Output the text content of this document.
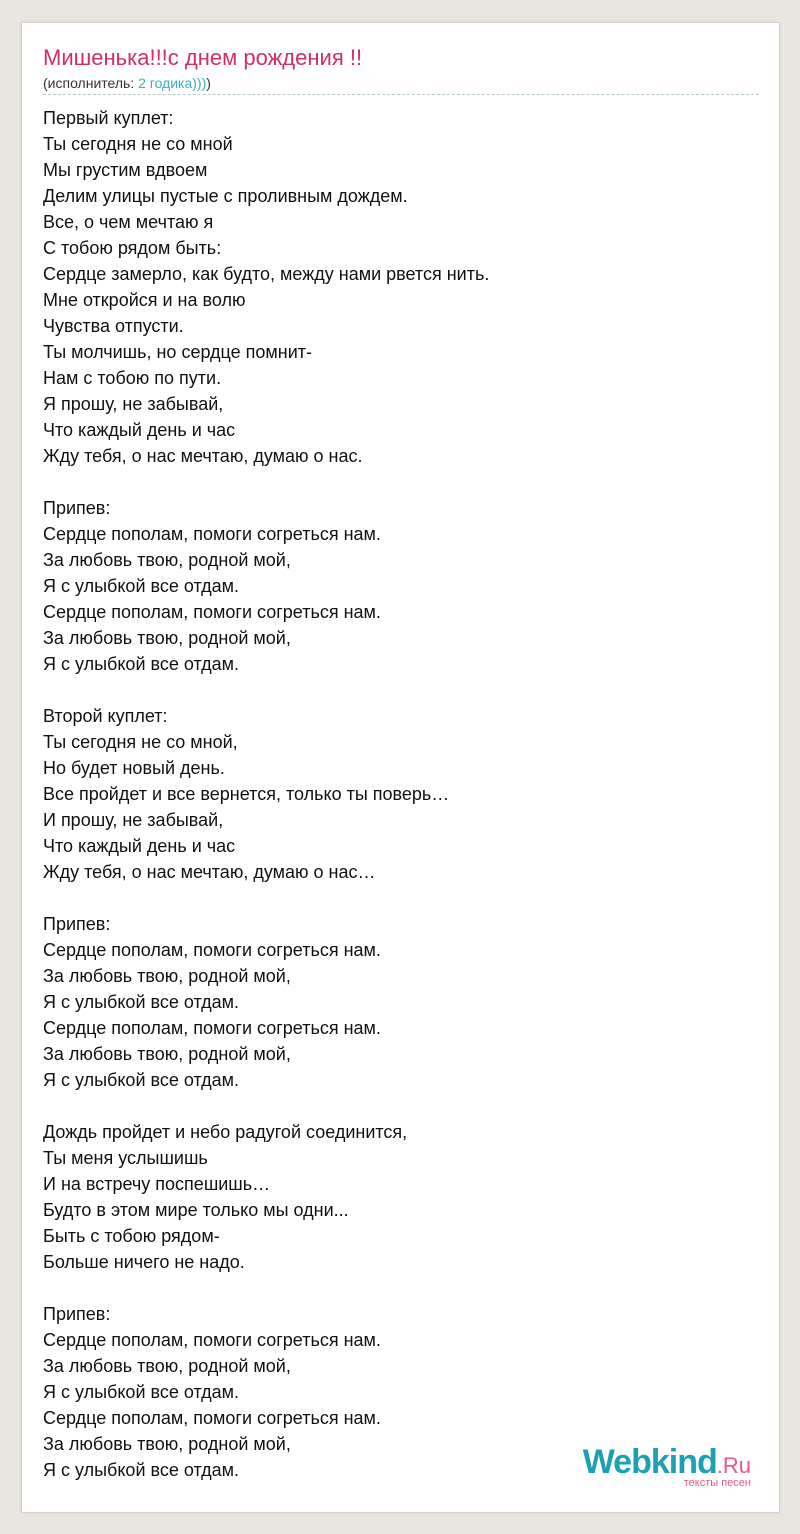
Мишенька!!!с днем рождения !!
(исполнитель: 2 годика))))
Первый куплет:
Ты сегодня не со мной
Мы грустим вдвоем
Делим улицы пустые с проливным дождем.
Все, о чем мечтаю я
С тобою рядом быть:
Сердце замерло, как будто, между нами рвется нить.
Мне откройся и на волю
Чувства отпусти.
Ты молчишь, но сердце помнит-
Нам с тобою по пути.
Я прошу, не забывай,
Что каждый день и час
Жду тебя, о нас мечтаю, думаю о нас.
Припев:
Сердце пополам, помоги согреться нам.
За любовь твою, родной мой,
Я с улыбкой все отдам.
Сердце пополам, помоги согреться нам.
За любовь твою, родной мой,
Я с улыбкой все отдам.
Второй куплет:
Ты сегодня не со мной,
Но будет новый день.
Все пройдет и все вернется, только ты поверь…
И прошу, не забывай,
Что каждый день и час
Жду тебя, о нас мечтаю, думаю о нас…
Припев:
Сердце пополам, помоги согреться нам.
За любовь твою, родной мой,
Я с улыбкой все отдам.
Сердце пополам, помоги согреться нам.
За любовь твою, родной мой,
Я с улыбкой все отдам.
Дождь пройдет и небо радугой соединится,
Ты меня услышишь
И на встречу поспешишь…
Будто в этом мире только мы одни...
Быть с тобою рядом-
Больше ничего не надо.
Припев:
Сердце пополам, помоги согреться нам.
За любовь твою, родной мой,
Я с улыбкой все отдам.
Сердце пополам, помоги согреться нам.
За любовь твою, родной мой,
Я с улыбкой все отдам.	Webkind.Ru
тексты песен
